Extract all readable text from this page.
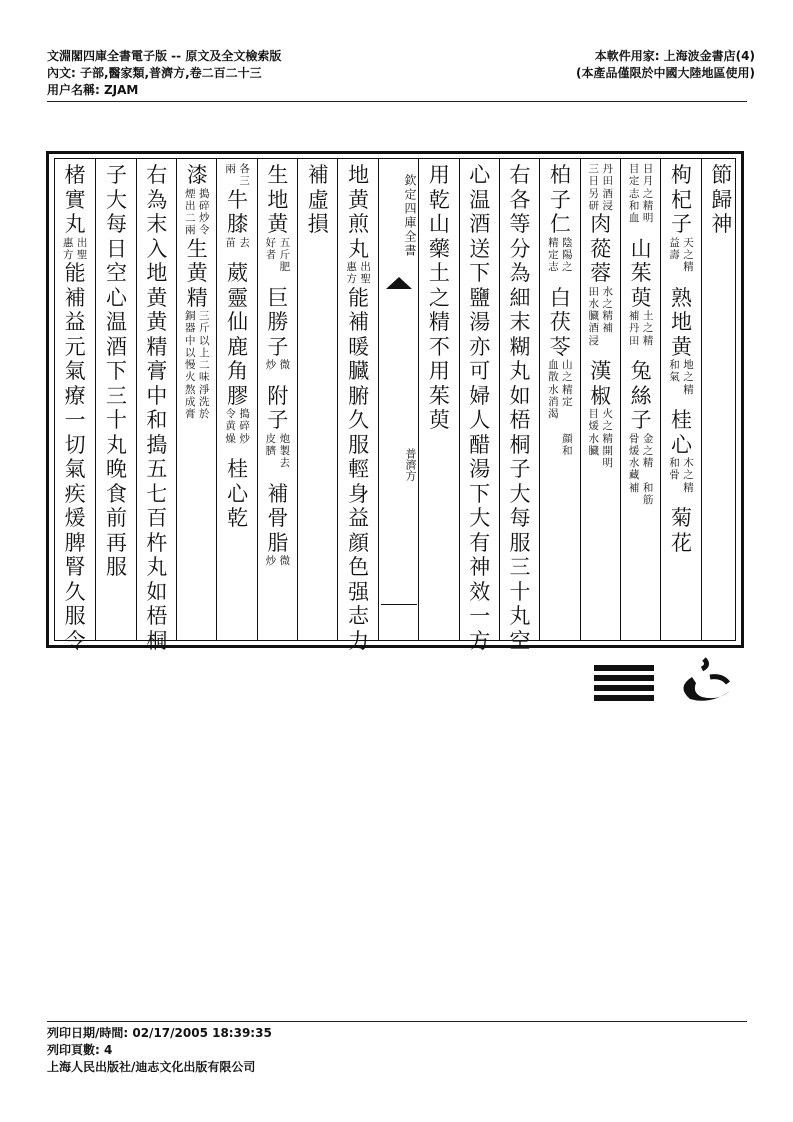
文淵閣四庫全書電子版 -- 原文及全文檢索版
內文: 子部,醫家類,普濟方,卷二百二十三
用户名稱: ZJAM
本軟件用家: 上海波金書店(4)
(本產品僅限於中國大陸地區使用)
節
歸
神
枸
杞
子
天
之
益
壽
精
熟
地
黄
地
之
和
氣
精
桂
心
木
之
和
骨
精
菊
花
日
月
目
定
之
精
志
和
明
血
山
茱
萸
土
之
補
丹
精
田
兔
絲
子
金
之
骨
煖
精
水
藏
和
筋
補
丹
田
三
日
酒
浸
另
研
肉
蓯
蓉
水
之
田
水
精
補
臓
酒
浸
漢
椒
火
之
目
煖
精
開
水
臓
明
柏
子
仁
陰
陽
精
定
之
志
白
茯
苓
山
之
血
散
精
定
水
消
渴
顔
和
右
各
等
分
為
細
末
糊
丸
如
梧
桐
子
大
每
服
三
十
丸
空
心
温
酒
送
下
鹽
湯
亦
可
婦
人
醋
湯
下
大
有
神
效
一
方
用
乾
山
藥
土
之
精
不
用
茱
萸
欽定四庫全書
普濟方
地
黄
煎
丸
出
聖
惠
方
能
補
暖
臓
腑
久
服
輕
身
益
顔
色
强
志
力
補
虛
損
生
地
黄
五
斤
好
者
肥
巨
勝
子
微
炒
附
子
炮
製
皮
臍
去
補
骨
脂
微
炒
各
三
兩
牛
膝
去
苗
葳
靈
仙
鹿
角
膠
搗
碎
令
黄
炒
燥
桂
心
乾
漆
搗
碎
煙
出
炒
令
二
兩
生
黄
精
三
斤
銅
器
以
上
中
以
二
味
慢
火
淨
洗
熬
成
於
膏
右
為
末
入
地
黄
黄
精
膏
中
和
搗
五
七
百
杵
丸
如
梧
桐
子
大
每
日
空
心
温
酒
下
三
十
丸
晚
食
前
再
服
楮
實
丸
出
聖
惠
方
能
補
益
元
氣
療
一
切
氣
疾
煖
脾
腎
久
服
令
列印日期/時間: 02/17/2005 18:39:35
列印頁數: 4
上海人民出版社/迪志文化出版有限公司
